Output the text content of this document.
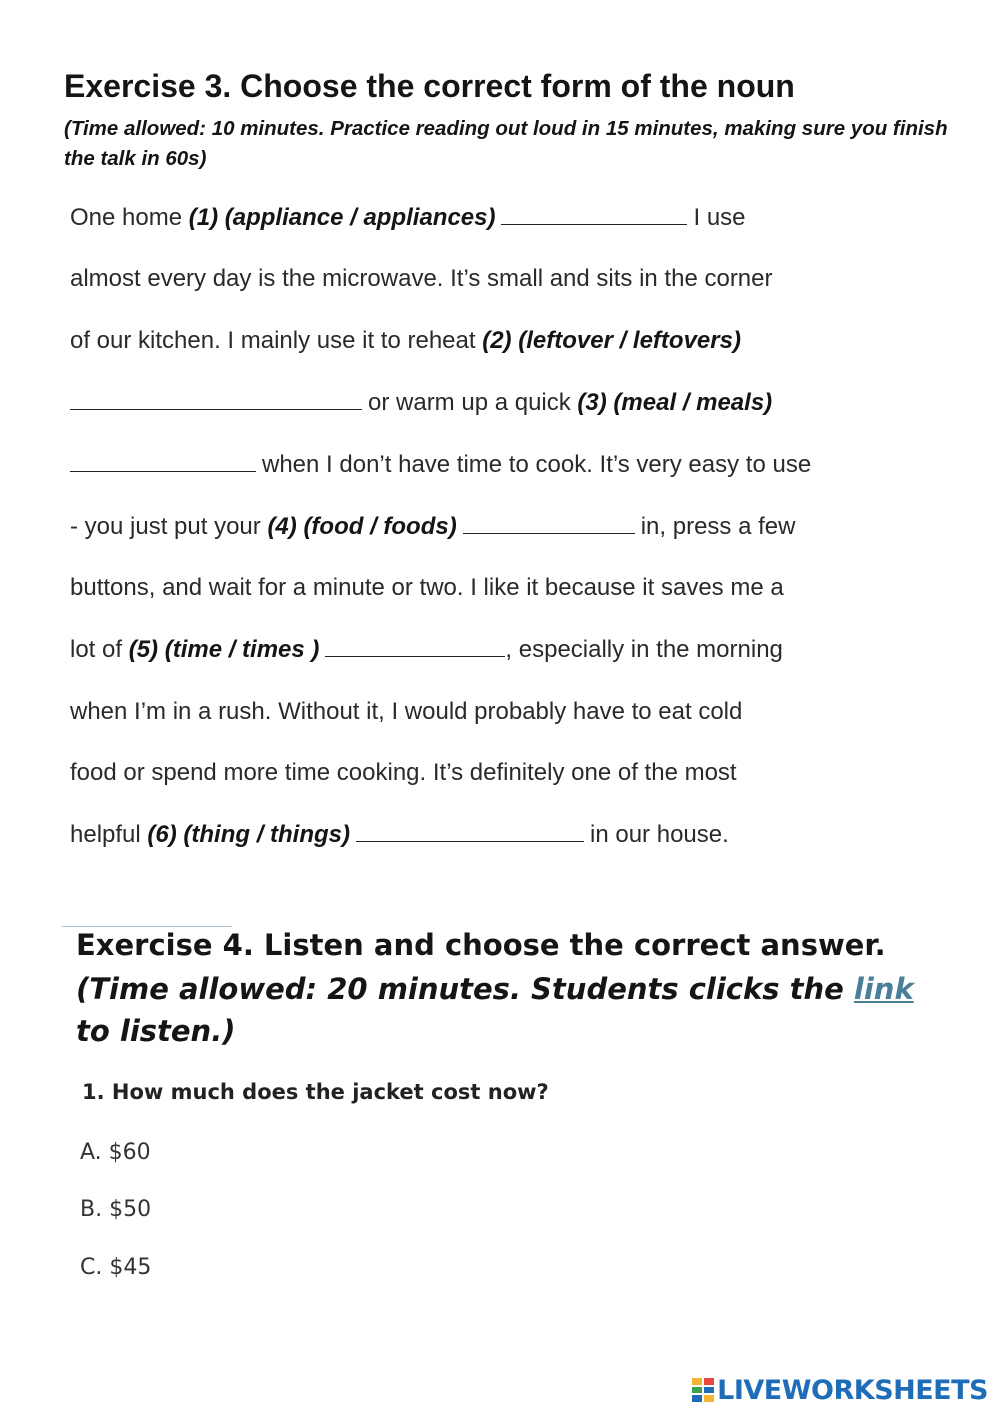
Exercise 3. Choose the correct form of the noun
(Time allowed: 10 minutes. Practice reading out loud in 15 minutes, making sure you finish the talk in 60s)
One home (1) (appliance / appliances)	I use
almost every day is the microwave. It’s small and sits in the corner
of our kitchen. I mainly use it to reheat (2) (leftover / leftovers)
or warm up a quick (3) (meal / meals)
when I don’t have time to cook. It’s very easy to use
- you just put your (4) (food / foods)	in, press a few
buttons, and wait for a minute or two. I like it because it saves me a
lot of (5) (time / times )	, especially in the morning
when I’m in a rush. Without it, I would probably have to eat cold
food or spend more time cooking. It’s definitely one of the most
helpful (6) (thing / things)	in our house.
Exercise 4. Listen and choose the correct answer.
(Time allowed: 20 minutes. Students clicks the link
to listen.)
1. How much does the jacket cost now?
A. $60
B. $50
C. $45
LIVEWORKSHEETS
